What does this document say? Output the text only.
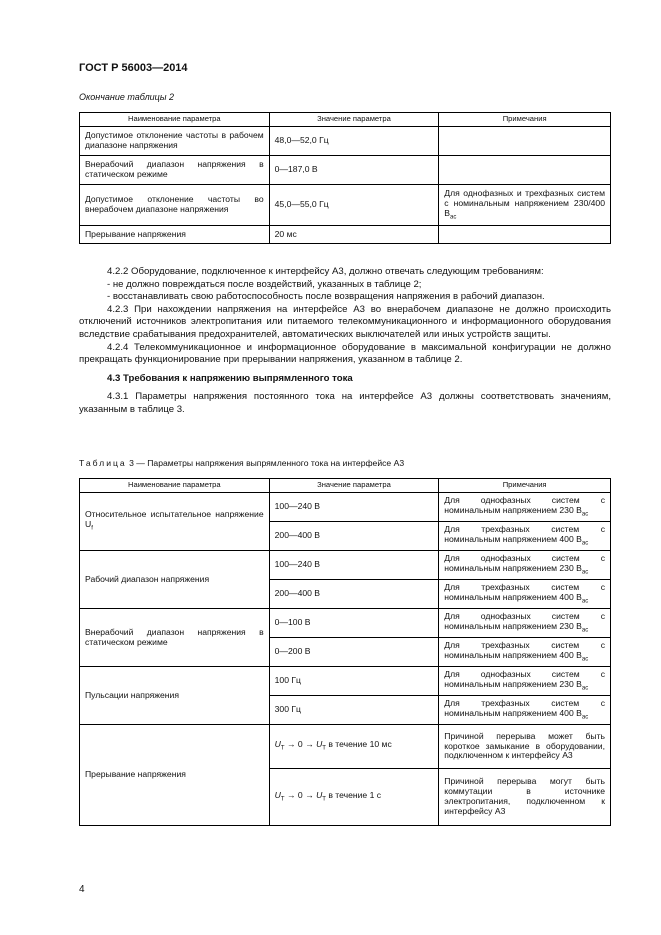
ГОСТ Р 56003—2014
Окончание таблицы 2
Наименование параметра	Значение параметра	Примечания
Допустимое отклонение частоты в рабочем диапазоне напряжения	48,0—52,0 Гц	
Внерабочий диапазон напряжения в статическом режиме	0—187,0 В	
Допустимое отклонение частоты во внерабочем диапазоне напряжения	45,0—55,0 Гц	Для однофазных и трехфазных систем с номинальным напряжением 230/400 $В_{ас}$
Прерывание напряжения	20 мс	

4.2.2 Оборудование, подключенное к интерфейсу А3, должно отвечать следующим требованиям:

- не должно повреждаться после воздействий, указанных в таблице 2;

- восстанавливать свою работоспособность после возвращения напряжения в рабочий диапазон.

4.2.3 При нахождении напряжения на интерфейсе А3 во внерабочем диапазоне не должно происходить отключений источников электропитания или питаемого телекоммуникационного и информационного оборудования вследствие срабатывания предохранителей, автоматических выключателей или иных устройств защиты.

4.2.4 Телекоммуникационное и информационное оборудование в максимальной конфигурации не должно прекращать функционирование при прерывании напряжения, указанном в таблице 2.

4.3 Требования к напряжению выпрямленного тока

4.3.1 Параметры напряжения постоянного тока на интерфейсе А3 должны соответствовать значениям, указанным в таблице 3.

Таблица 3 — Параметры напряжения выпрямленного тока на интерфейсе А3
Наименование параметра	Значение параметра	Примечания
Относительное испытательное напряжение $U_f$	100—240 В	Для однофазных систем с номинальным напряжением 230 $В_{ас}$
	200—400 В	Для трехфазных систем с номинальным напряжением 400 $В_{ас}$
Рабочий диапазон напряжения	100—240 В	Для однофазных систем с номинальным напряжением 230 $В_{ас}$
	200—400 В	Для трехфазных систем с номинальным напряжением 400 $В_{ас}$
Внерабочий диапазон напряжения в статическом режиме	0—100 В	Для однофазных систем с номинальным напряжением 230 $В_{ас}$
	0—200 В	Для трехфазных систем с номинальным напряжением 400 $В_{ас}$
Пульсации напряжения	100 Гц	Для однофазных систем с номинальным напряжением 230 $В_{ас}$
	300 Гц	Для трехфазных систем с номинальным напряжением 400 $В_{ас}$
Прерывание напряжения	$U_T \to 0 \to U_T$ в течение 10 мс	Причиной перерыва может быть короткое замыкание в оборудовании, подключенном к интерфейсу А3
	$U_T \to 0 \to U_T$ в течение 1 с	Причиной перерыва могут быть коммутации в источнике электропитания, подключенном к интерфейсу А3
4
